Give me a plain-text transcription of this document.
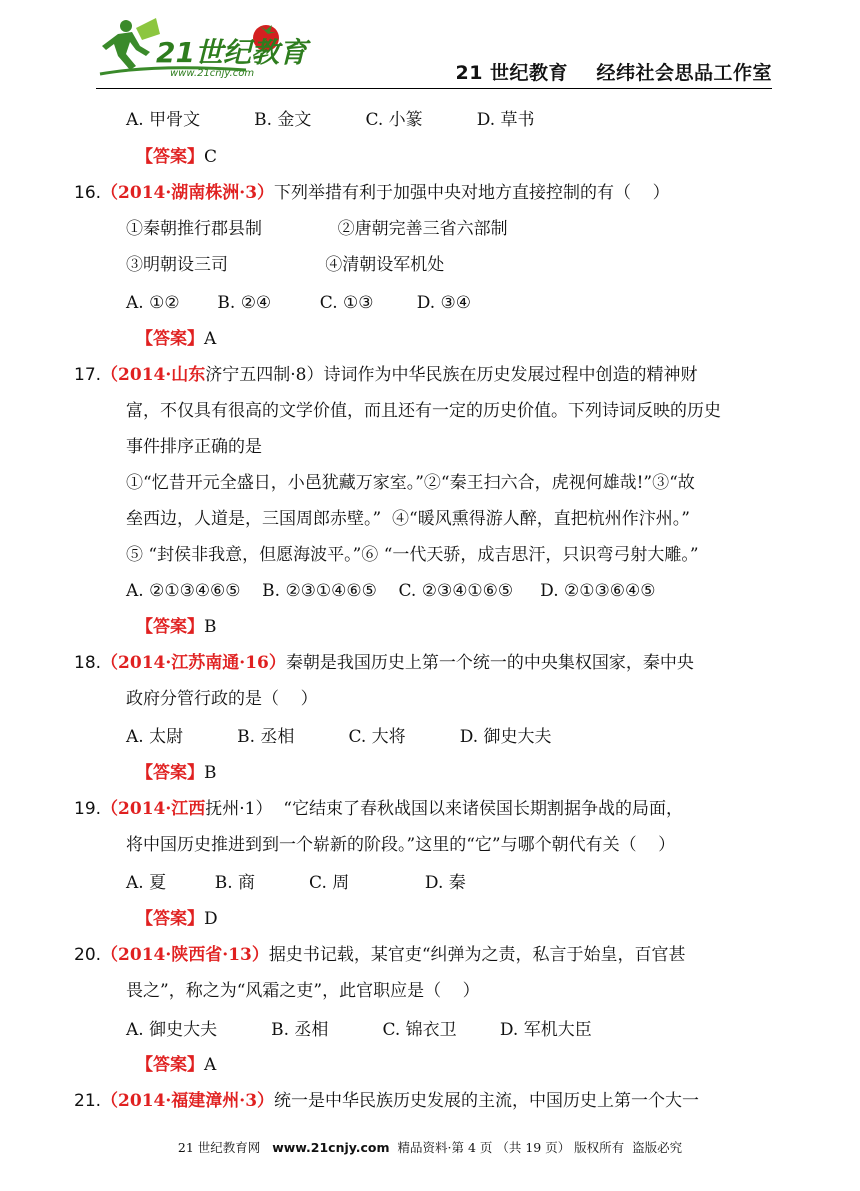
21世纪教育
www.21cnjy.com	21 世纪教育    经纬社会思品工作室
A. 甲骨文          B. 金文          C. 小篆          D. 草书
【答案】C
16.（2014·湖南株洲·3）下列举措有利于加强中央对地方直接控制的有（    ）
①秦朝推行郡县制              ②唐朝完善三省六部制
③明朝设三司                  ④清朝设军机处
A. ①②       B. ②④         C. ①③        D. ③④
【答案】A
17.（2014·山东济宁五四制·8）诗词作为中华民族在历史发展过程中创造的精神财
富，不仅具有很高的文学价值，而且还有一定的历史价值。下列诗词反映的历史
事件排序正确的是
①“忆昔开元全盛日，小邑犹藏万家室。”②“秦王扫六合，虎视何雄哉!”③“故
垒西边，人道是，三国周郎赤壁。”  ④“暖风熏得游人醉，直把杭州作汴州。”
⑤ “封侯非我意，但愿海波平。”⑥ “一代天骄，成吉思汗，只识弯弓射大雕。”
A. ②①③④⑥⑤    B. ②③①④⑥⑤    C. ②③④①⑥⑤     D. ②①③⑥④⑤
【答案】B
18.（2014·江苏南通·16）秦朝是我国历史上第一个统一的中央集权国家，秦中央
政府分管行政的是（    ）
A. 太尉          B. 丞相          C. 大将          D. 御史大夫
【答案】B
19.（2014·江西抚州·1）  “它结束了春秋战国以来诸侯国长期割据争战的局面，
将中国历史推进到到一个崭新的阶段。”这里的“它”与哪个朝代有关（    ）
A. 夏         B. 商          C. 周              D. 秦
【答案】D
20.（2014·陕西省·13）据史书记载，某官吏“纠弹为之责，私言于始皇，百官甚
畏之”，称之为“风霜之吏”，此官职应是（    ）
A. 御史大夫          B. 丞相          C. 锦衣卫        D. 军机大臣
【答案】A
21.（2014·福建漳州·3）统一是中华民族历史发展的主流，中国历史上第一个大一
21 世纪教育网   www.21cnjy.com  精品资料·第 4 页 （共 19 页） 版权所有  盗版必究
